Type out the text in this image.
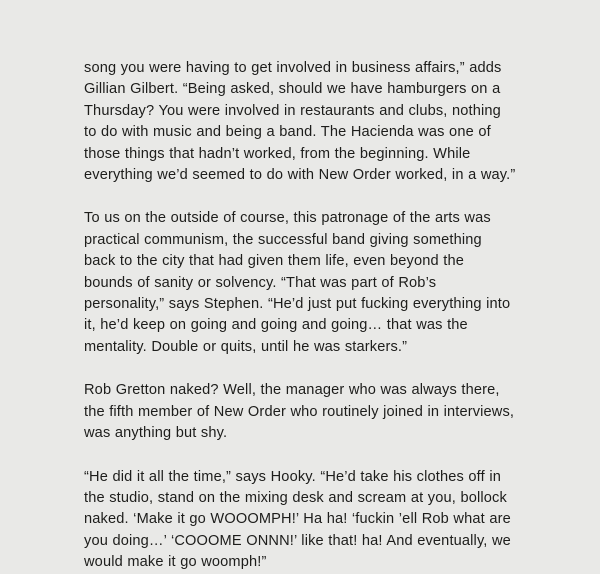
song you were having to get involved in business affairs,” adds Gillian Gilbert. “Being asked, should we have hamburgers on a Thursday? You were involved in restaurants and clubs, nothing to do with music and being a band. The Hacienda was one of those things that hadn’t worked, from the beginning. While everything we’d seemed to do with New Order worked, in a way.”

To us on the outside of course, this patronage of the arts was practical communism, the successful band giving something back to the city that had given them life, even beyond the bounds of sanity or solvency. “That was part of Rob’s personality,” says Stephen. “He’d just put fucking everything into it, he’d keep on going and going and going… that was the mentality. Double or quits, until he was starkers.”

Rob Gretton naked? Well, the manager who was always there, the fifth member of New Order who routinely joined in interviews, was anything but shy.

“He did it all the time,” says Hooky. “He’d take his clothes off in the studio, stand on the mixing desk and scream at you, bollock naked. ‘Make it go WOOOMPH!’ Ha ha! ‘fuckin ’ell Rob what are you doing…’ ‘COOOME ONNN!’ like that! ha! And eventually, we would make it go woomph!”
